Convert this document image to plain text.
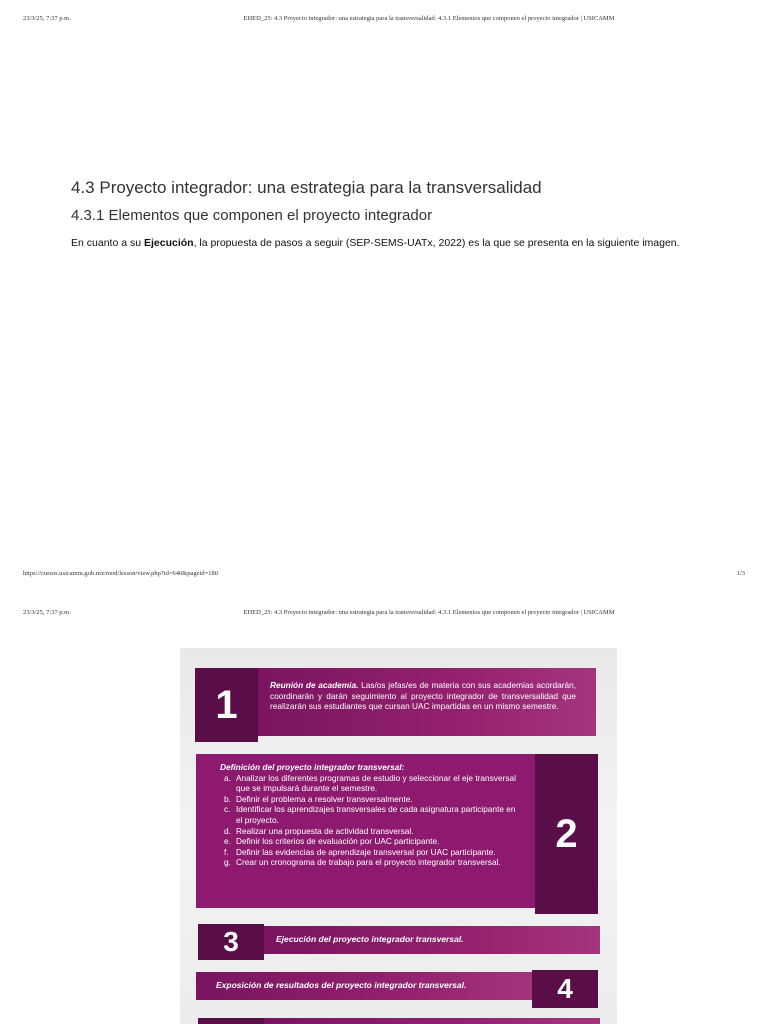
23/3/25, 7:37 p.m.	EHED_25: 4.3 Proyecto integrador: una estrategia para la transversalidad: 4.3.1 Elementos que componen el proyecto integrador | USICAMM
4.3 Proyecto integrador: una estrategia para la transversalidad
4.3.1 Elementos que componen el proyecto integrador

En cuanto a su Ejecución, la propuesta de pasos a seguir (SEP-SEMS-UATx, 2022) es la que se presenta en la siguiente imagen.

https://cursos.usicamm.gob.mx/mod/lesson/view.php?id=640&pageid=180	1/3
23/3/25, 7:37 p.m.	EHED_25: 4.3 Proyecto integrador: una estrategia para la transversalidad: 4.3.1 Elementos que componen el proyecto integrador | USICAMM
1	Reunión de academia. Las/os jefas/es de materia con sus academias acordarán, coordinarán y darán seguimiento al proyecto integrador de transversalidad que realizarán sus estudiantes que cursan UAC impartidas en un mismo semestre.
2
Definición del proyecto integrador transversal:
a. Analizar los diferentes programas de estudio y seleccionar el eje transversal que se impulsará durante el semestre.
b. Definir el problema a resolver transversalmente.
c. Identificar los aprendizajes transversales de cada asignatura participante en el proyecto.
d. Realizar una propuesta de actividad transversal.
e. Definir los criterios de evaluación por UAC participante.
f. Definir las evidencias de aprendizaje transversal por UAC participante.
g. Crear un cronograma de trabajo para el proyecto integrador transversal.
3	Ejecución del proyecto integrador transversal.
4
Exposición de resultados del proyecto integrador transversal.
